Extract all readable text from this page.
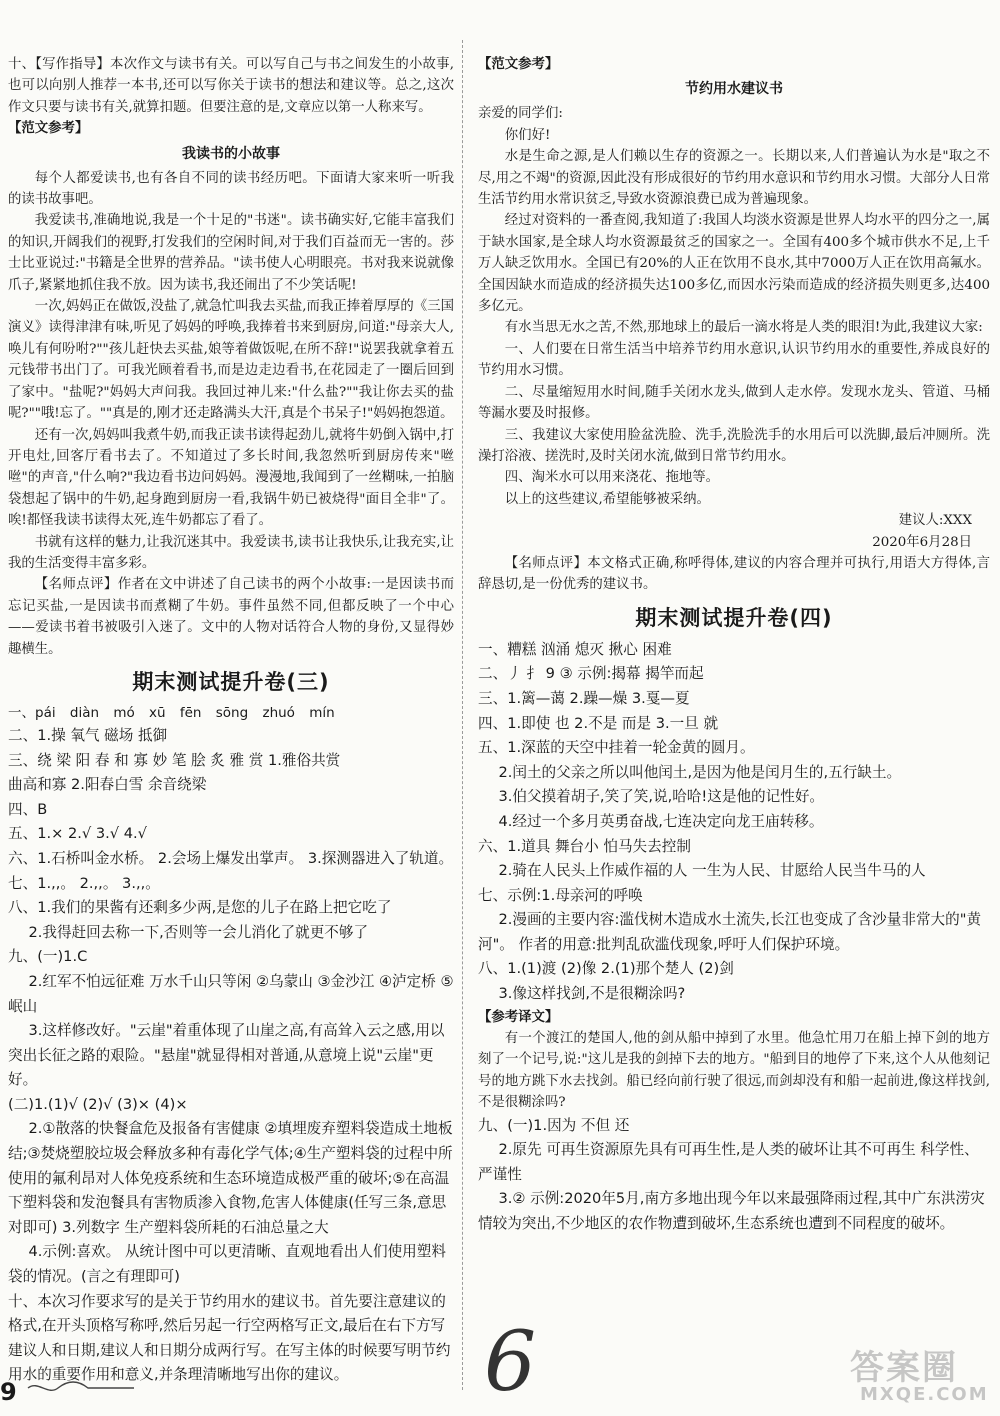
十、【写作指导】本次作文与读书有关。可以写自己与书之间发生的小故事,也可以向别人推荐一本书,还可以写你关于读书的想法和建议等。总之,这次作文只要与读书有关,就算扣题。但要注意的是,文章应以第一人称来写。

【范文参考】

我读书的小故事

每个人都爱读书,也有各自不同的读书经历吧。下面请大家来听一听我的读书故事吧。

我爱读书,准确地说,我是一个十足的"书迷"。读书确实好,它能丰富我们的知识,开阔我们的视野,打发我们的空闲时间,对于我们百益而无一害的。莎士比亚说过:"书籍是全世界的营养品。"读书使人心明眼亮。书对我来说就像爪子,紧紧地抓住我不放。因为读书,我还闹出了不少笑话呢!

一次,妈妈正在做饭,没盐了,就急忙叫我去买盐,而我正捧着厚厚的《三国演义》读得津津有味,听见了妈妈的呼唤,我捧着书来到厨房,问道:"母亲大人,唤儿有何吩咐?""孩儿赶快去买盐,娘等着做饭呢,在所不辞!"说罢我就拿着五元钱带书出门了。可我光顾着看书,而是边走边看书,在花园走了一圈后回到了家中。"盐呢?"妈妈大声问我。我回过神儿来:"什么盐?""我让你去买的盐呢?""哦!忘了。""真是的,刚才还走路满头大汗,真是个书呆子!"妈妈抱怨道。

还有一次,妈妈叫我煮牛奶,而我正读书读得起劲儿,就将牛奶倒入锅中,打开电灶,回客厅看书去了。不知道过了多长时间,我忽然听到厨房传来"咝咝"的声音,"什么响?"我边看书边问妈妈。漫漫地,我闻到了一丝糊味,一拍脑袋想起了锅中的牛奶,起身跑到厨房一看,我锅牛奶已被烧得"面目全非"了。唉!都怪我读书读得太死,连牛奶都忘了看了。

书就有这样的魅力,让我沉迷其中。我爱读书,读书让我快乐,让我充实,让我的生活变得丰富多彩。

【名师点评】作者在文中讲述了自己读书的两个小故事:一是因读书而忘记买盐,一是因读书而煮糊了牛奶。事件虽然不同,但都反映了一个中心——爱读书着书被吸引入迷了。文中的人物对话符合人物的身份,又显得妙趣横生。

期末测试提升卷(三)

一、pái diàn mó xū fēn sōng zhuó mín

二、1.操 氧气 磁场 抵御

三、绕 梁 阳 春 和 寡 妙 笔 脍 炙 雅 赏 1.雅俗共赏

曲高和寡 2.阳春白雪 余音绕梁

四、B

五、1.× 2.√ 3.√ 4.√

六、1.石桥叫金水桥。 2.会场上爆发出掌声。 3.探测器进入了轨道。

七、1.,,。 2.,,。 3.,,。

八、1.我们的果酱有还剩多少两,是您的儿子在路上把它吃了

2.我得赶回去称一下,否则等一会儿消化了就更不够了

九、(一)1.C

2.红军不怕远征难 万水千山只等闲 ②乌蒙山 ③金沙江 ④泸定桥 ⑤岷山

3.这样修改好。"云崖"着重体现了山崖之高,有高耸入云之感,用以突出长征之路的艰险。"悬崖"就显得相对普通,从意境上说"云崖"更好。

(二)1.(1)√ (2)√ (3)× (4)×

2.①散落的快餐盒危及报备有害健康 ②填埋废弃塑料袋造成土地板结;③焚烧塑胶垃圾会释放多种有毒化学气体;④生产塑料袋的过程中所使用的氟利昂对人体免疫系统和生态环境造成极严重的破坏;⑤在高温下塑料袋和发泡餐具有害物质渗入食物,危害人体健康(任写三条,意思对即可) 3.列数字 生产塑料袋所耗的石油总量之大

4.示例:喜欢。 从统计图中可以更清晰、直观地看出人们使用塑料袋的情况。(言之有理即可)

十、本次习作要求写的是关于节约用水的建议书。首先要注意建议的格式,在开头顶格写称呼,然后另起一行空两格写正文,最后在右下方写建议人和日期,建议人和日期分成两行写。在写主体的时候要写明节约用水的重要作用和意义,并条理清晰地写出你的建议。

【范文参考】

节约用水建议书

亲爱的同学们:

你们好!

水是生命之源,是人们赖以生存的资源之一。长期以来,人们普遍认为水是"取之不尽,用之不竭"的资源,因此没有形成很好的节约用水意识和节约用水习惯。大部分人日常生活节约用水常识贫乏,导致水资源浪费已成为普遍现象。

经过对资料的一番查阅,我知道了:我国人均淡水资源是世界人均水平的四分之一,属于缺水国家,是全球人均水资源最贫乏的国家之一。全国有400多个城市供水不足,上千万人缺乏饮用水。全国已有20%的人正在饮用不良水,其中7000万人正在饮用高氟水。全国因缺水而造成的经济损失达100多亿,而因水污染而造成的经济损失则更多,达400多亿元。

有水当思无水之苦,不然,那地球上的最后一滴水将是人类的眼泪!为此,我建议大家:

一、人们要在日常生活当中培养节约用水意识,认识节约用水的重要性,养成良好的节约用水习惯。

二、尽量缩短用水时间,随手关闭水龙头,做到人走水停。发现水龙头、管道、马桶等漏水要及时报修。

三、我建议大家使用脸盆洗脸、洗手,洗脸洗手的水用后可以洗脚,最后冲厕所。洗澡打浴液、搓洗时,及时关闭水流,做到日常节约用水。

四、淘米水可以用来浇花、拖地等。

以上的这些建议,希望能够被采纳。

建议人:XXX

2020年6月28日

【名师点评】本文格式正确,称呼得体,建议的内容合理并可执行,用语大方得体,言辞恳切,是一份优秀的建议书。

期末测试提升卷(四)

一、糟糕 汹涌 熄灭 揪心 困难

二、丿 扌 9 ③ 示例:揭幕 揭竿而起

三、1.篱—蔼 2.躁—燥 3.戛—夏

四、1.即使 也 2.不是 而是 3.一旦 就

五、1.深蓝的天空中挂着一轮金黄的圆月。

2.闰土的父亲之所以叫他闰土,是因为他是闰月生的,五行缺土。

3.伯父摸着胡子,笑了笑,说,哈哈!这是他的记性好。

4.经过一个多月英勇奋战,七连决定向龙王庙转移。

六、1.道具 舞台小 怕马失去控制

2.骑在人民头上作威作福的人 一生为人民、甘愿给人民当牛马的人

七、示例:1.母亲河的呼唤

2.漫画的主要内容:滥伐树木造成水土流失,长江也变成了含沙量非常大的"黄河"。 作者的用意:批判乱砍滥伐现象,呼吁人们保护环境。

八、1.(1)渡 (2)像 2.(1)那个楚人 (2)剑

3.像这样找剑,不是很糊涂吗?

【参考译文】

有一个渡江的楚国人,他的剑从船中掉到了水里。他急忙用刀在船上掉下剑的地方刻了一个记号,说:"这儿是我的剑掉下去的地方。"船到目的地停了下来,这个人从他刻记号的地方跳下水去找剑。船已经向前行驶了很远,而剑却没有和船一起前进,像这样找剑,不是很糊涂吗?

九、(一)1.因为 不但 还

2.原先 可再生资源原先具有可再生性,是人类的破坏让其不可再生 科学性、严谨性

3.② 示例:2020年5月,南方多地出现今年以来最强降雨过程,其中广东洪涝灾情较为突出,不少地区的农作物遭到破坏,生态系统也遭到不同程度的破坏。

9	6	答案圈
MXQE.COM
